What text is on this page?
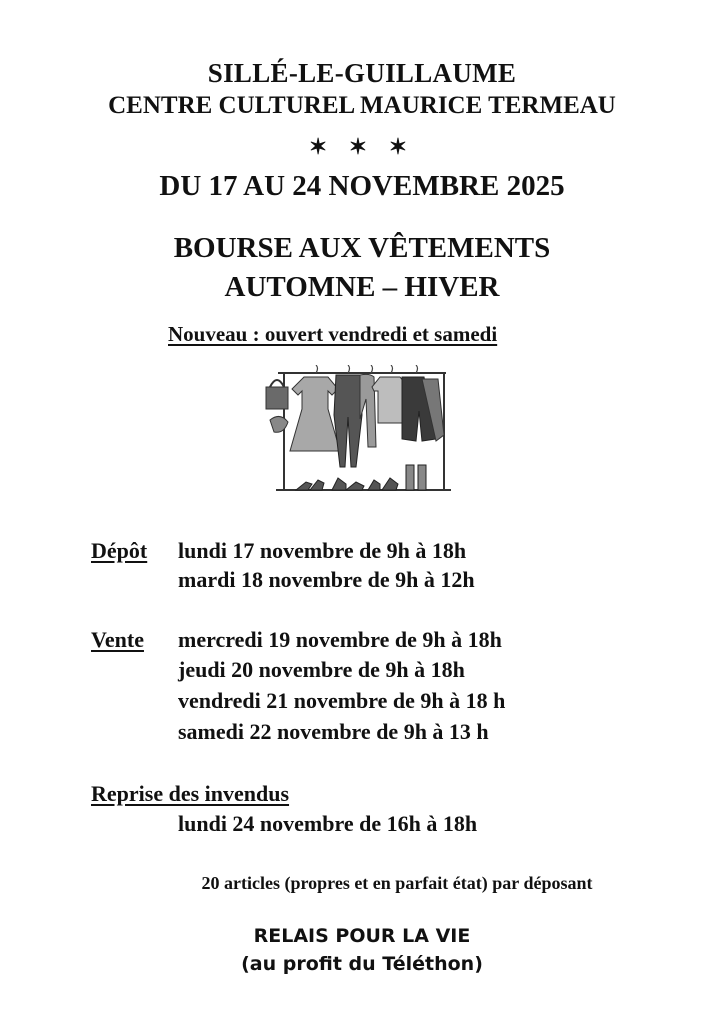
SILLÉ-LE-GUILLAUME
CENTRE CULTUREL MAURICE TERMEAU
✶ ✶ ✶
DU 17 AU 24 NOVEMBRE 2025
BOURSE AUX VÊTEMENTS
AUTOMNE – HIVER
Nouveau : ouvert vendredi et samedi
Dépôt lundi 17 novembre de 9h à 18h
mardi 18 novembre de 9h à 12h
Vente mercredi 19 novembre de 9h à 18h
jeudi 20 novembre de 9h à 18h
vendredi 21 novembre de 9h à 18 h
samedi 22 novembre de 9h à 13 h
Reprise des invendus
lundi 24 novembre de 16h à 18h
20 articles (propres et en parfait état) par déposant
RELAIS POUR LA VIE
(au profit du Téléthon)
